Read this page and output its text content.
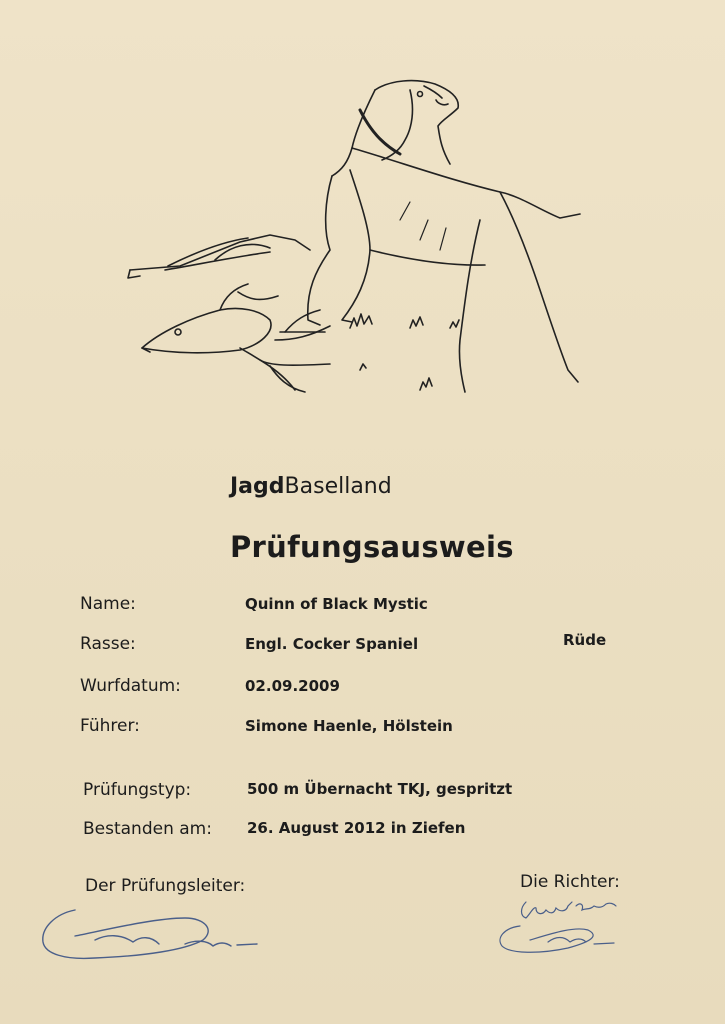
JagdBaselland
Prüfungsausweis
Name:	Quinn of Black Mystic
Rasse:	Engl. Cocker Spaniel	Rüde
Wurfdatum:	02.09.2009
Führer:	Simone Haenle, Hölstein
Prüfungstyp:	500 m Übernacht TKJ, gespritzt
Bestanden am: 26. August 2012 in Ziefen
Der Prüfungsleiter:	Die Richter:
